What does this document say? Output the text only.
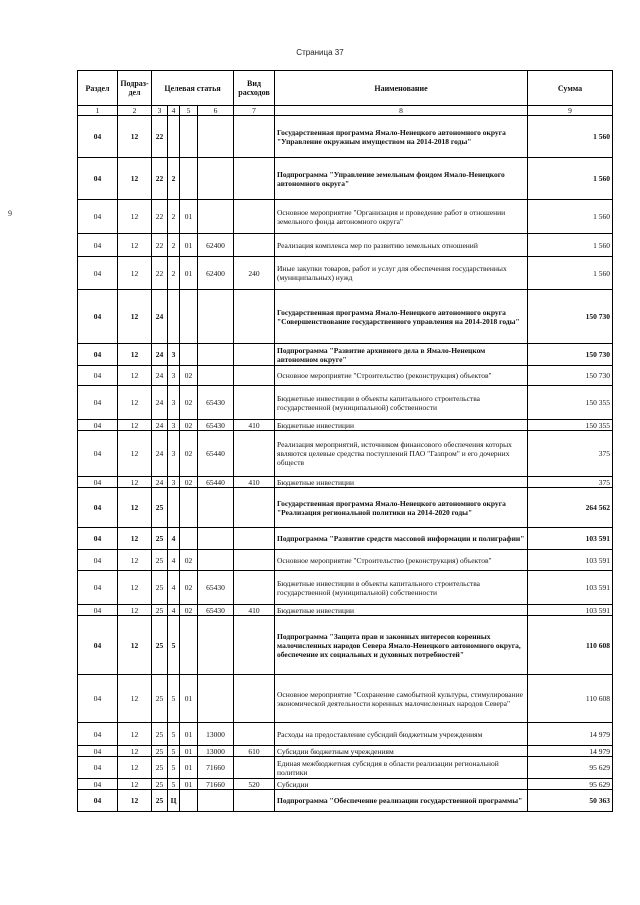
Страница 37
9
Раздел	Подраз-дел	Целевая статья				Вид расходов	Наименование	Сумма
1	2	3	4	5	6	7	8	9
04	12	22					Государственная программа Ямало-Ненецкого автономного округа "Управление окружным имуществом на 2014-2018 годы"	1 560
04	12	22	2				Подпрограмма "Управление земельным фондом Ямало-Ненецкого автономного округа"	1 560
04	12	22	2	01			Основное мероприятие "Организация и проведение работ в отношении земельного фонда автономного округа"	1 560
04	12	22	2	01	62400		Реализация комплекса мер по развитию земельных отношений	1 560
04	12	22	2	01	62400	240	Иные закупки товаров, работ и услуг для обеспечения государственных (муниципальных) нужд	1 560
04	12	24					Государственная программа Ямало-Ненецкого автономного округа "Совершенствование государственного управления на 2014-2018 годы"	150 730
04	12	24	3				Подпрограмма "Развитие архивного дела в Ямало-Ненецком автономном округе"	150 730
04	12	24	3	02			Основное мероприятие "Строительство (реконструкция) объектов"	150 730
04	12	24	3	02	65430		Бюджетные инвестиции в объекты капитального строительства государственной (муниципальной) собственности	150 355
04	12	24	3	02	65430	410	Бюджетные инвестиции	150 355
04	12	24	3	02	65440		Реализация мероприятий, источником финансового обеспечения которых являются целевые средства поступлений ПАО "Газпром" и его дочерних обществ	375
04	12	24	3	02	65440	410	Бюджетные инвестиции	375
04	12	25					Государственная программа Ямало-Ненецкого автономного округа "Реализация региональной политики на 2014-2020 годы"	264 562
04	12	25	4				Подпрограмма "Развитие средств массовой информации и полиграфии"	103 591
04	12	25	4	02			Основное мероприятие "Строительство (реконструкция) объектов"	103 591
04	12	25	4	02	65430		Бюджетные инвестиции в объекты капитального строительства государственной (муниципальной) собственности	103 591
04	12	25	4	02	65430	410	Бюджетные инвестиции	103 591
04	12	25	5				Подпрограмма "Защита прав и законных интересов коренных малочисленных народов Севера Ямало-Ненецкого автономного округа, обеспечение их социальных и духовных потребностей"	110 608
04	12	25	5	01			Основное мероприятие "Сохранение самобытной культуры, стимулирование экономической деятельности коренных малочисленных народов Севера"	110 608
04	12	25	5	01	13000		Расходы на предоставление субсидий бюджетным учреждениям	14 979
04	12	25	5	01	13000	610	Субсидии бюджетным учреждениям	14 979
04	12	25	5	01	71660		Единая межбюджетная субсидия в области реализации региональной политики	95 629
04	12	25	5	01	71660	520	Субсидии	95 629
04	12	25	Ц				Подпрограмма "Обеспечение реализации государственной программы"	50 363
